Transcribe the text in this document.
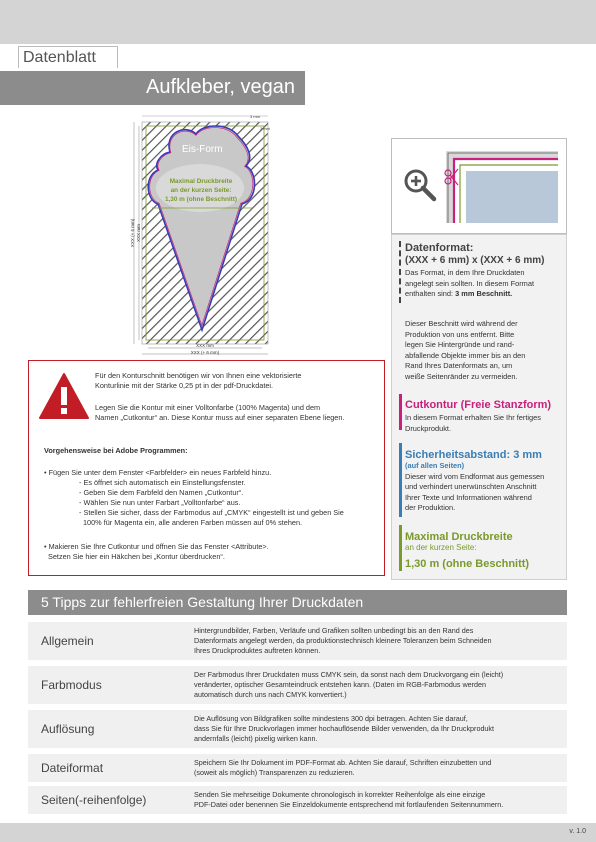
Datenblatt
Aufkleber, vegan
Eis-Form
Maximal Druckbreite
an der kurzen Seite:
1,30 m (ohne Beschnitt)
3 mm
3 mm
XXX mm
XXX (+ 6 mm)
XXX (+ 6 mm) XXX mm
Datenformat:
(XXX + 6 mm) x (XXX + 6 mm)
Das Format, in dem Ihre Druckdaten
angelegt sein sollten. In diesem Format
enthalten sind: 3 mm Beschnitt.
Dieser Beschnitt wird während der
Produktion von uns entfernt. Bitte
legen Sie Hintergründe und rand-
abfallende Objekte immer bis an den
Rand Ihres Datenformats an, um
weiße Seitenränder zu vermeiden.
Cutkontur (Freie Stanzform)
In diesem Format erhalten Sie Ihr fertiges
Druckprodukt.
Sicherheitsabstand: 3 mm
(auf allen Seiten)
Dieser wird vom Endformat aus gemessen
und verhindert unerwünschten Anschnitt
Ihrer Texte und Informationen während
der Produktion.
Maximal Druckbreite
an der kurzen Seite:
1,30 m (ohne Beschnitt)
Für den Konturschnitt benötigen wir von Ihnen eine vektorisierte
Konturlinie mit der Stärke 0,25 pt in der pdf-Druckdatei.
Legen Sie die Kontur mit einer Volltonfarbe (100% Magenta) und dem
Namen „Cutkontur“ an. Diese Kontur muss auf einer separaten Ebene liegen.
Vorgehensweise bei Adobe Programmen:
• Fügen Sie unter dem Fenster <Farbfelder> ein neues Farbfeld hinzu.
- Es öffnet sich automatisch ein Einstellungsfenster.
- Geben Sie dem Farbfeld den Namen „Cutkontur“.
- Wählen Sie nun unter Farbart „Volltonfarbe“ aus.
- Stellen Sie sicher, dass der Farbmodus auf „CMYK“ eingestellt ist und geben Sie
100% für Magenta ein, alle anderen Farben müssen auf 0% stehen.
• Makieren Sie Ihre Cutkontur und öffnen Sie das Fenster <Attribute>.
Setzen Sie hier ein Häkchen bei „Kontur überdrucken“.
5 Tipps zur fehlerfreien Gestaltung Ihrer Druckdaten
Allgemein
Hintergrundbilder, Farben, Verläufe und Grafiken sollten unbedingt bis an den Rand des
Datenformats angelegt werden, da produktionstechnisch kleinere Toleranzen beim Schneiden
Ihres Druckproduktes auftreten können.
Farbmodus
Der Farbmodus Ihrer Druckdaten muss CMYK sein, da sonst nach dem Druckvorgang ein (leicht)
veränderter, optischer Gesamteindruck entstehen kann. (Daten im RGB-Farbmodus werden
automatisch durch uns nach CMYK konvertiert.)
Auflösung
Die Auflösung von Bildgrafiken sollte mindestens 300 dpi betragen. Achten Sie darauf,
dass Sie für Ihre Druckvorlagen immer hochauflösende Bilder verwenden, da Ihr Druckprodukt
andernfalls (leicht) pixelig wirken kann.
Dateiformat	Speichern Sie Ihr Dokument im PDF-Format ab. Achten Sie darauf, Schriften einzubetten und
(soweit als möglich) Transparenzen zu reduzieren.
Seiten(-reihenfolge)	Senden Sie mehrseitige Dokumente chronologisch in korrekter Reihenfolge als eine einzige
PDF-Datei oder benennen Sie Einzeldokumente entsprechend mit fortlaufenden Seitennummern.
v. 1.0
